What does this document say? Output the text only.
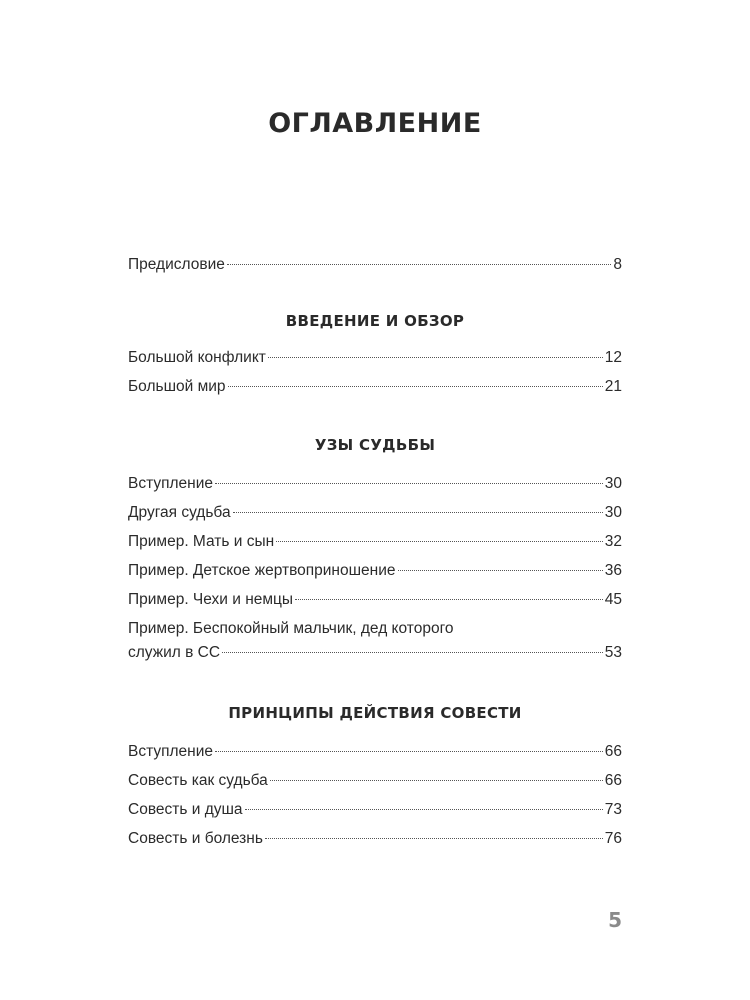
ОГЛАВЛЕНИЕ
Предисловие	8
ВВЕДЕНИЕ И ОБЗОР
Большой конфликт	12
Большой мир	21
УЗЫ СУДЬБЫ
Вступление	30
Другая судьба	30
Пример. Мать и сын	32
Пример. Детское жертвоприношение	36
Пример. Чехи и немцы	45
Пример. Беспокойный мальчик, дед которого
служил в СС	53
ПРИНЦИПЫ ДЕЙСТВИЯ СОВЕСТИ
Вступление	66
Совесть как судьба	66
Совесть и душа	73
Совесть и болезнь	76
5
